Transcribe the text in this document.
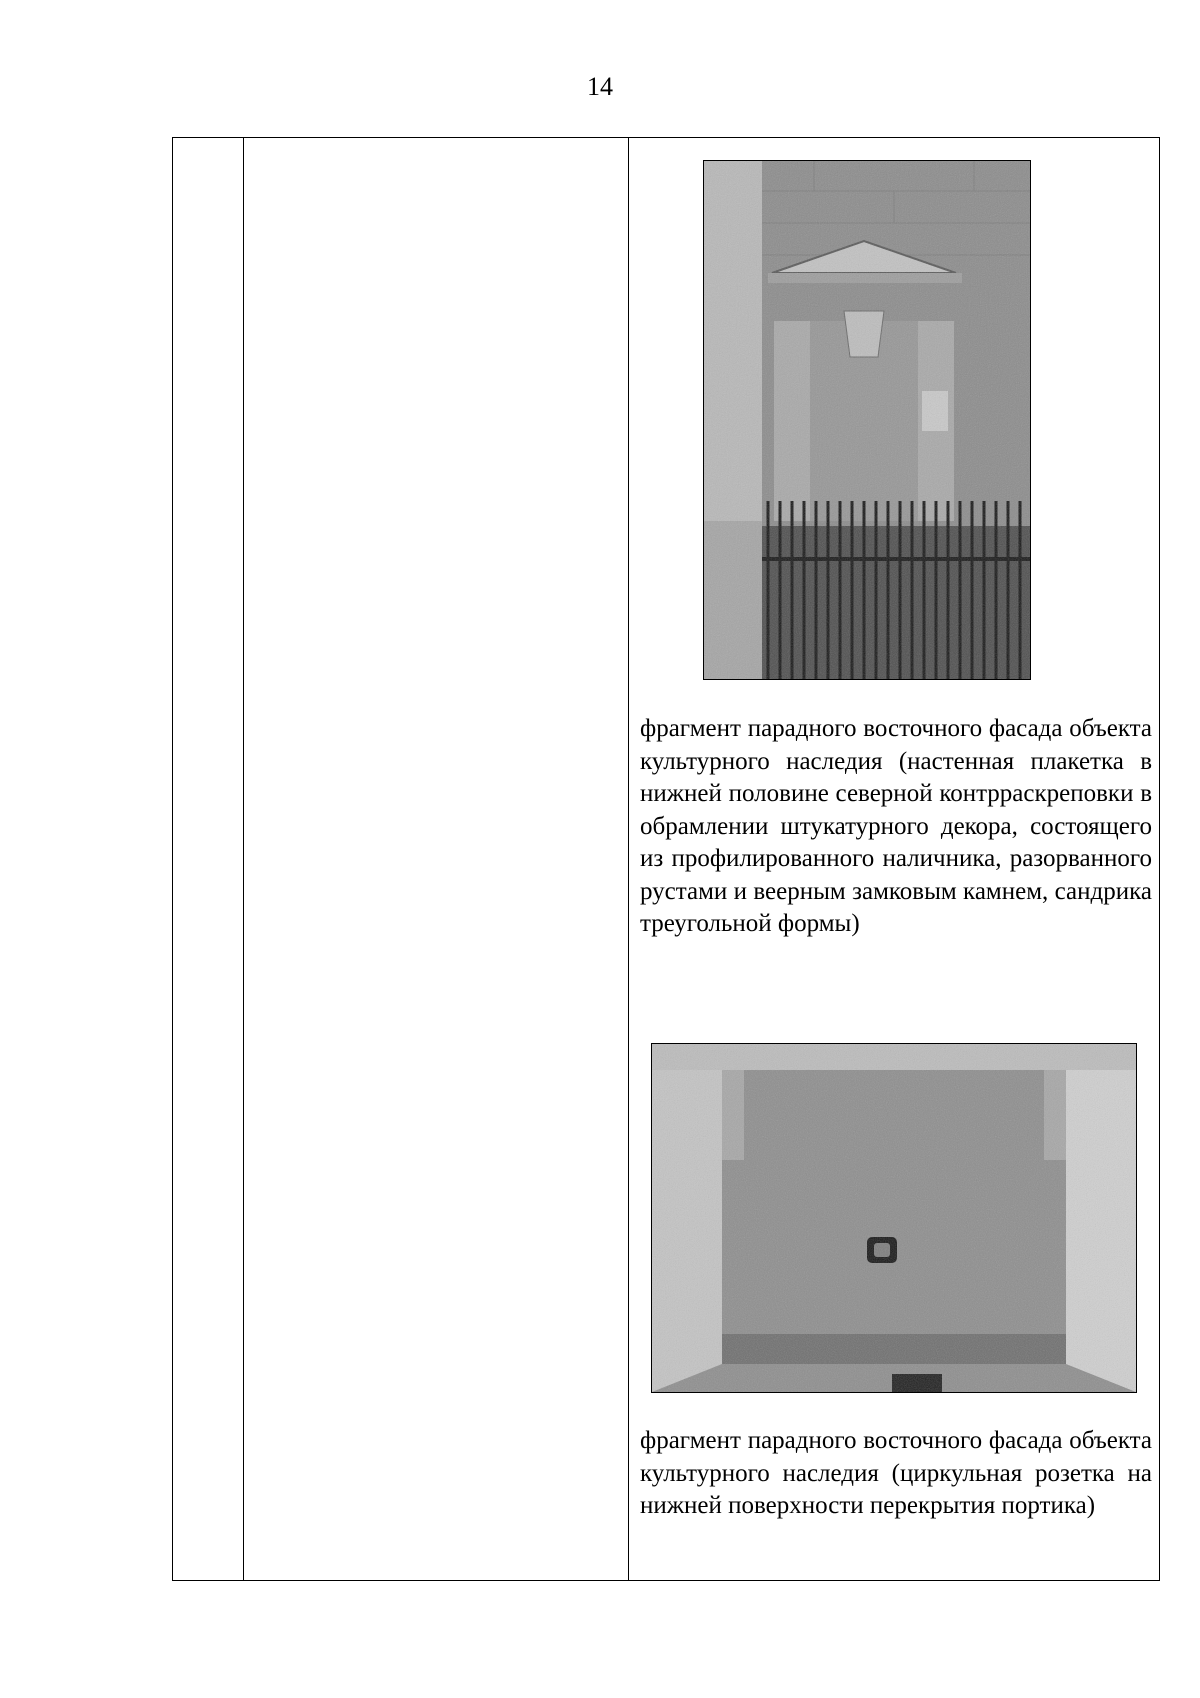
14
фрагмент парадного восточного фасада объекта культурного наследия (настенная плакетка в нижней половине северной контрраскреповки в обрамлении штукатурного декора, состоящего из профилированного наличника, разорванного рустами и веерным замковым камнем, сандрика треугольной формы)
фрагмент парадного восточного фасада объекта культурного наследия (циркульная розетка на нижней поверхности перекрытия портика)
